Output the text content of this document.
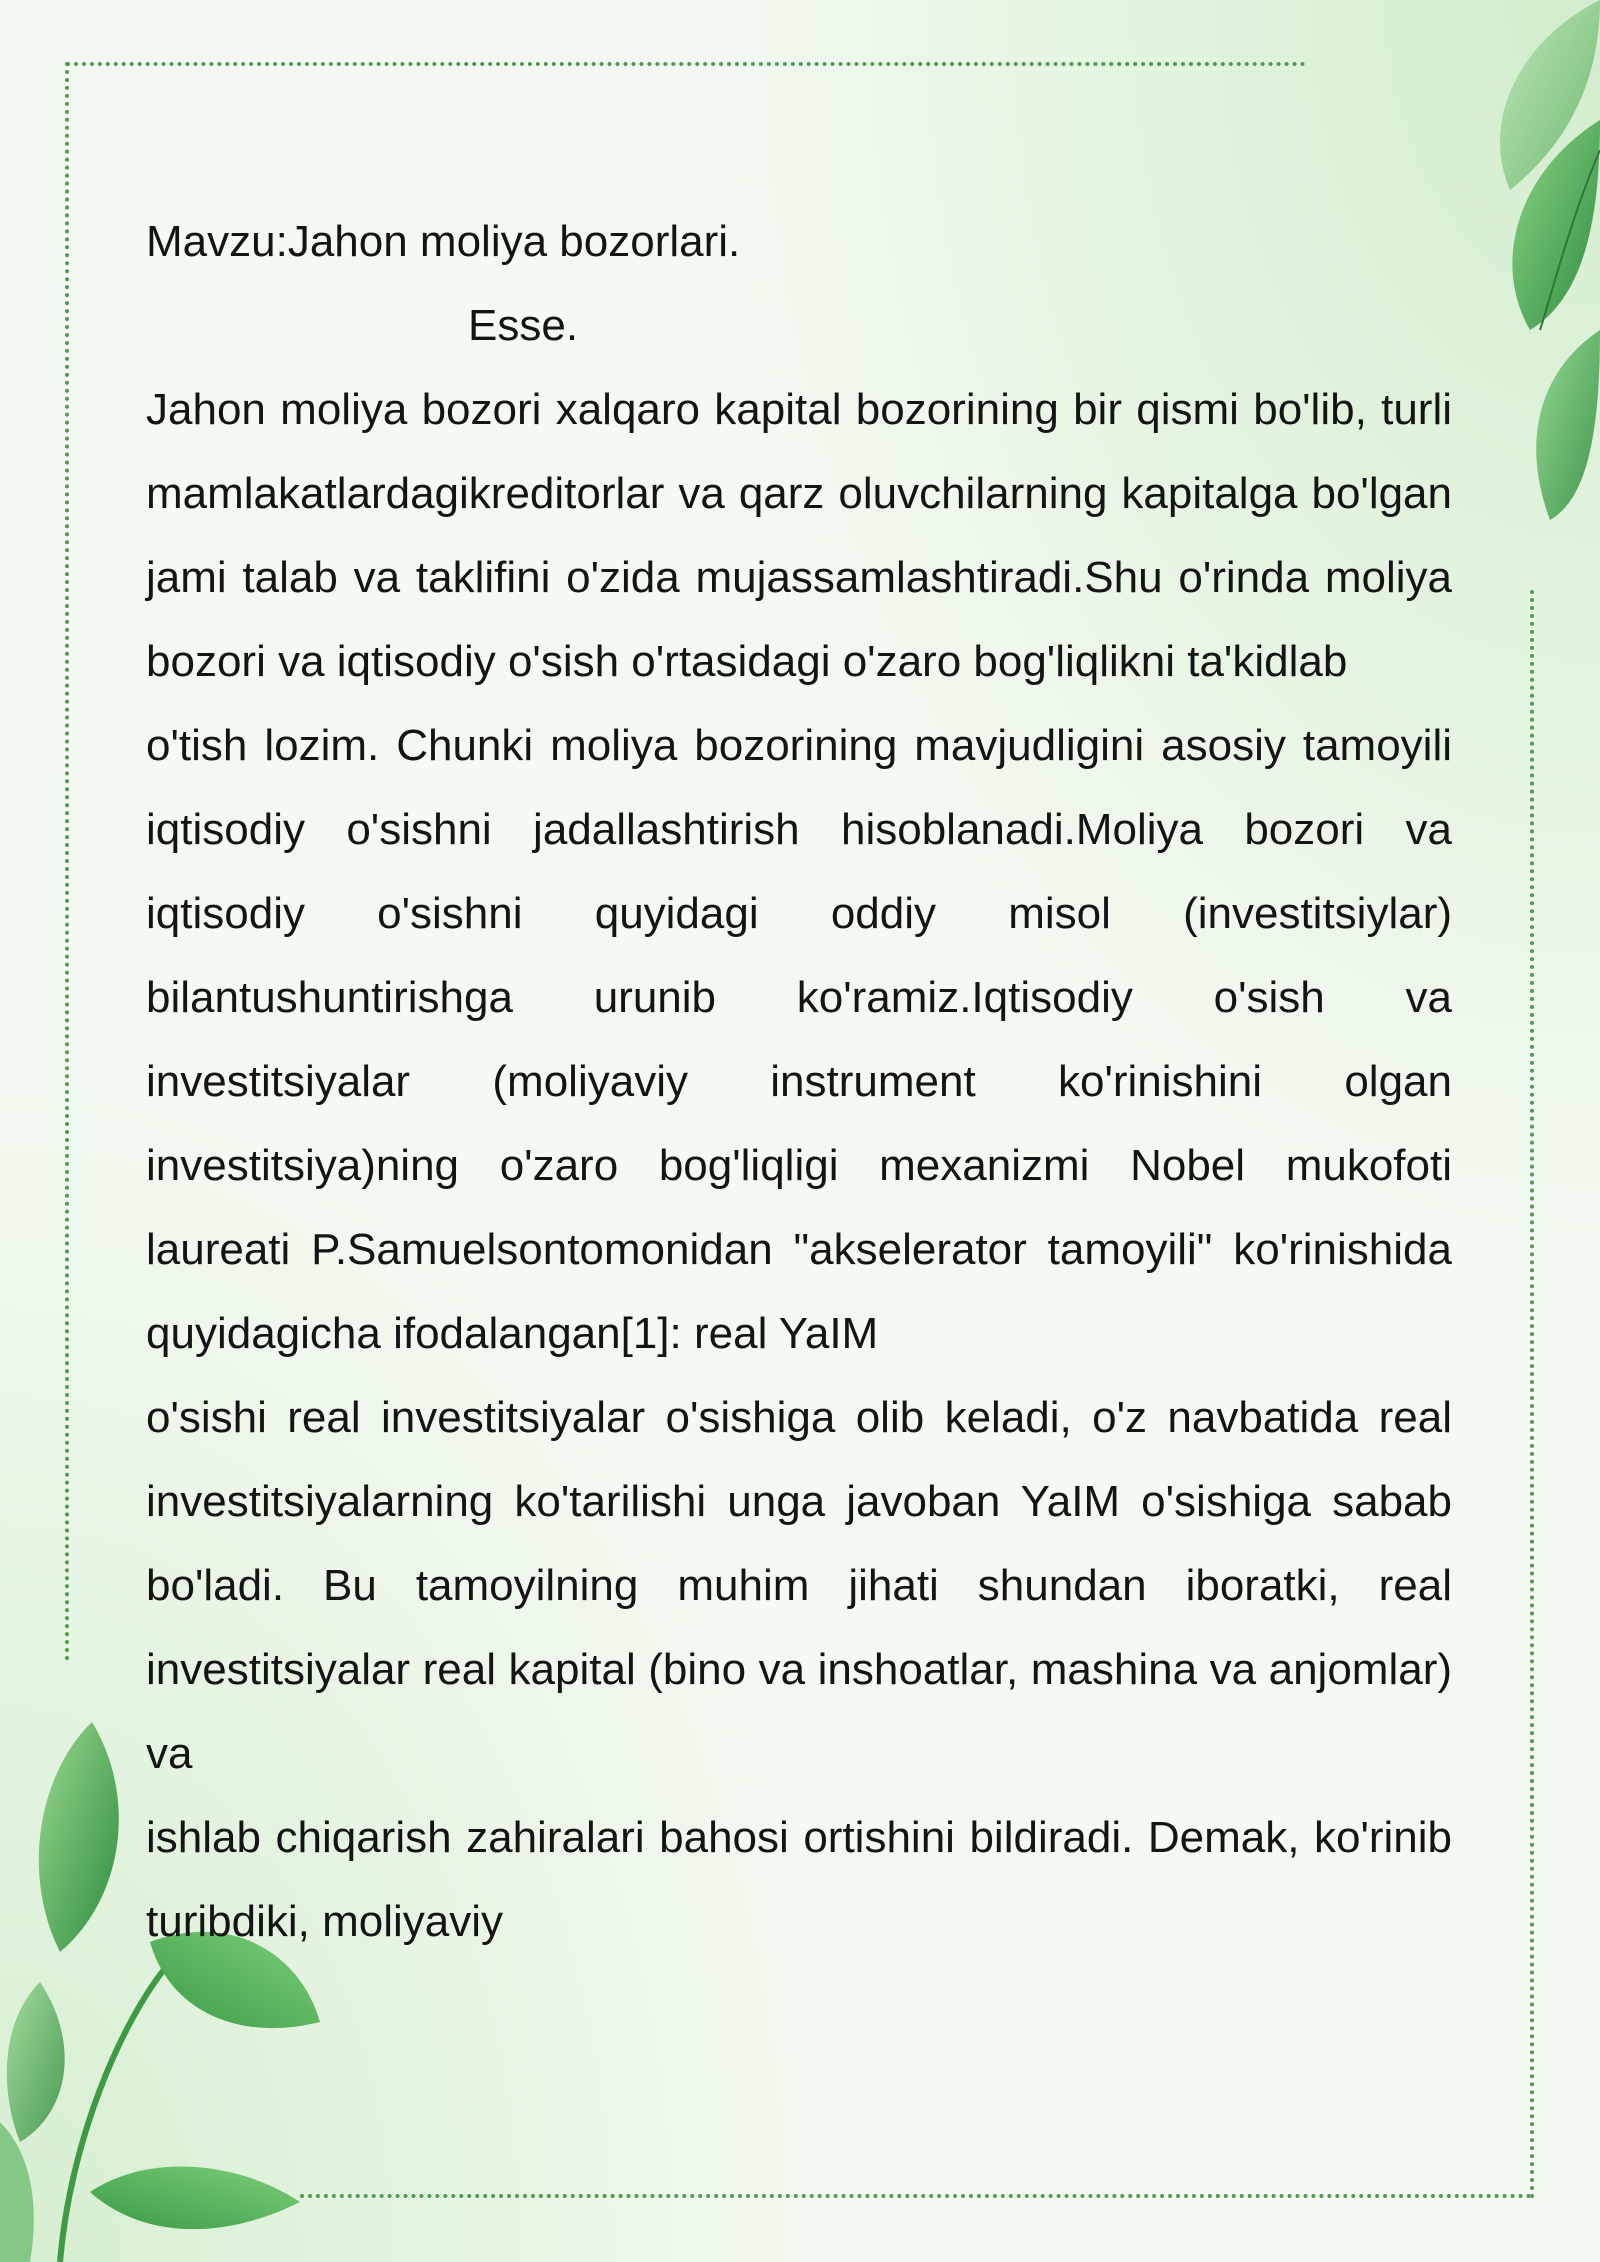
Mavzu:Jahon moliya bozorlari.

Esse.

Jahon moliya bozori xalqaro kapital bozorining bir qismi bo'lib, turli mamlakatlardagikreditorlar va qarz oluvchilarning kapitalga bo'lgan jami talab va taklifini o'zida mujassamlashtiradi.Shu o'rinda moliya bozori va iqtisodiy o'sish o'rtasidagi o'zaro bog'liqlikni ta'kidlab

o'tish lozim. Chunki moliya bozorining mavjudligini asosiy tamoyili iqtisodiy o'sishni jadallashtirish hisoblanadi.Moliya bozori va iqtisodiy o'sishni quyidagi oddiy misol (investitsiylar) bilantushuntirishga urunib ko'ramiz.Iqtisodiy o'sish va investitsiyalar (moliyaviy instrument ko'rinishini olgan investitsiya)ning o'zaro bog'liqligi mexanizmi Nobel mukofoti laureati P.Samuelsontomonidan "akselerator tamoyili" ko'rinishida quyidagicha ifodalangan[1]: real YaIM

o'sishi real investitsiyalar o'sishiga olib keladi, o'z navbatida real investitsiyalarning ko'tarilishi unga javoban YaIM o'sishiga sabab bo'ladi. Bu tamoyilning muhim jihati shundan iboratki, real investitsiyalar real kapital (bino va inshoatlar, mashina va anjomlar) va

ishlab chiqarish zahiralari bahosi ortishini bildiradi. Demak, ko'rinib turibdiki, moliyaviy
